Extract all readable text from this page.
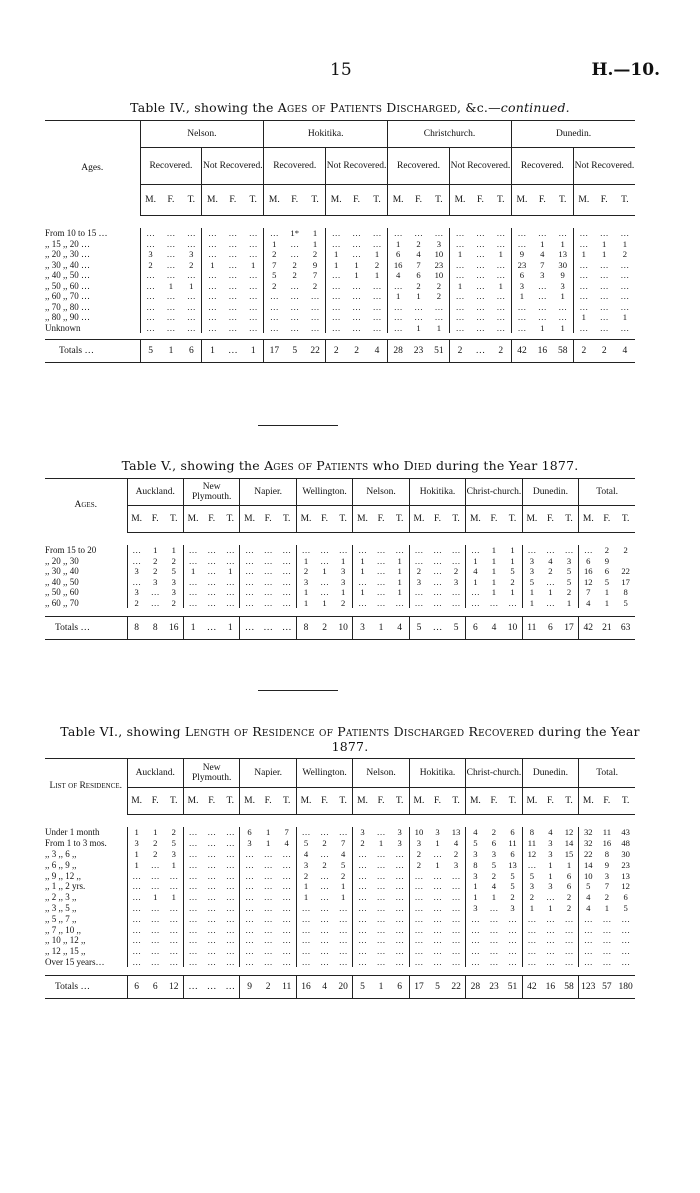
15	H.—10.
Table IV., showing the Ages of Patients Discharged, &c.—continued.
Ages.	Nelson.						Hokitika.						Christchurch.						Dunedin.					
	Recovered.			Not Recovered.			Recovered.			Not Recovered.			Recovered.			Not Recovered.			Recovered.			Not Recovered.		
	M.	F.	T.	M.	F.	T.	M.	F.	T.	M.	F.	T.	M.	F.	T.	M.	F.	T.	M.	F.	T.	M.	F.	T.

From 10 to 15 …	…	…	…	…	…	…	…	1*	1	…	…	…	…	…	…	…	…	…	…	…	…	…	…	…
,, 15 ,, 20 …	…	…	…	…	…	…	1	…	1	…	…	…	1	2	3	…	…	…	…	1	1	…	1	1
,, 20 ,, 30 …	3	…	3	…	…	…	2	…	2	1	…	1	6	4	10	1	…	1	9	4	13	1	1	2
,, 30 ,, 40 …	2	…	2	1	…	1	7	2	9	1	1	2	16	7	23	…	…	…	23	7	30	…	…	…
,, 40 ,, 50 …	…	…	…	…	…	…	5	2	7	…	1	1	4	6	10	…	…	…	6	3	9	…	…	…
,, 50 ,, 60 …	…	1	1	…	…	…	2	…	2	…	…	…	…	2	2	1	…	1	3	…	3	…	…	…
,, 60 ,, 70 …	…	…	…	…	…	…	…	…	…	…	…	…	1	1	2	…	…	…	1	…	1	…	…	…
,, 70 ,, 80 …	…	…	…	…	…	…	…	…	…	…	…	…	…	…	…	…	…	…	…	…	…	…	…	…
,, 80 ,, 90 …	…	…	…	…	…	…	…	…	…	…	…	…	…	…	…	…	…	…	…	…	…	1	…	1
Unknown	…	…	…	…	…	…	…	…	…	…	…	…	…	1	1	…	…	…	…	1	1	…	…	…

Totals …	5	1	6	1	…	1	17	5	22	2	2	4	28	23	51	2	…	2	42	16	58	2	2	4
Table V., showing the Ages of Patients who Died during the Year 1877.
Ages.	Auckland.			New Plymouth.			Napier.			Wellington.			Nelson.			Hokitika.			Christ-church.			Dunedin.			Total.		
	M.	F.	T.	M.	F.	T.	M.	F.	T.	M.	F.	T.	M.	F.	T.	M.	F.	T.	M.	F.	T.	M.	F.	T.	M.	F.	T.

From 15 to 20	…	1	1	…	…	…	…	…	…	…	…	…	…	…	…	…	…	…	…	1	1	…	…	…	…	2	2
,, 20 ,, 30	…	2	2	…	…	…	…	…	…	1	…	1	1	…	1	…	…	…	1	1	1	3	4	3	6	9	
,, 30 ,, 40	3	2	5	1	…	1	…	…	…	2	1	3	1	…	1	2	…	2	4	1	5	3	2	5	16	6	22
,, 40 ,, 50	…	3	3	…	…	…	…	…	…	3	…	3	…	…	1	3	…	3	1	1	2	5	…	5	12	5	17
,, 50 ,, 60	3	…	3	…	…	…	…	…	…	1	…	1	1	…	1	…	…	…	…	1	1	1	1	2	7	1	8
,, 60 ,, 70	2	…	2	…	…	…	…	…	…	1	1	2	…	…	…	…	…	…	…	…	…	1	…	1	4	1	5

Totals …	8	8	16	1	…	1	…	…	…	8	2	10	3	1	4	5	…	5	6	4	10	11	6	17	42	21	63
Table VI., showing Length of Residence of Patients Discharged Recovered during the Year
1877.
List of Residence.	Auckland.			New Plymouth.			Napier.			Wellington.			Nelson.			Hokitika.			Christ-church.			Dunedin.			Total.		
	M.	F.	T.	M.	F.	T.	M.	F.	T.	M.	F.	T.	M.	F.	T.	M.	F.	T.	M.	F.	T.	M.	F.	T.	M.	F.	T.

Under 1 month	1	1	2	…	…	…	6	1	7	…	…	…	3	…	3	10	3	13	4	2	6	8	4	12	32	11	43
From 1 to 3 mos.	3	2	5	…	…	…	3	1	4	5	2	7	2	1	3	3	1	4	5	6	11	11	3	14	32	16	48
,, 3 ,, 6 ,,	1	2	3	…	…	…	…	…	…	4	…	4	…	…	…	2	…	2	3	3	6	12	3	15	22	8	30
,, 6 ,, 9 ,,	1	…	1	…	…	…	…	…	…	3	2	5	…	…	…	2	1	3	8	5	13	…	1	1	14	9	23
,, 9 ,, 12 ,,	…	…	…	…	…	…	…	…	…	2	…	2	…	…	…	…	…	…	3	2	5	5	1	6	10	3	13
,, 1 ,, 2 yrs.	…	…	…	…	…	…	…	…	…	1	…	1	…	…	…	…	…	…	1	4	5	3	3	6	5	7	12
,, 2 ,, 3 ,,	…	1	1	…	…	…	…	…	…	1	…	1	…	…	…	…	…	…	1	1	2	2	…	2	4	2	6
,, 3 ,, 5 ,,	…	…	…	…	…	…	…	…	…	…	…	…	…	…	…	…	…	…	3	…	3	1	1	2	4	1	5
,, 5 ,, 7 ,,	…	…	…	…	…	…	…	…	…	…	…	…	…	…	…	…	…	…	…	…	…	…	…	…	…	…	…
,, 7 ,, 10 ,,	…	…	…	…	…	…	…	…	…	…	…	…	…	…	…	…	…	…	…	…	…	…	…	…	…	…	…
,, 10 ,, 12 ,,	…	…	…	…	…	…	…	…	…	…	…	…	…	…	…	…	…	…	…	…	…	…	…	…	…	…	…
,, 12 ,, 15 ,,	…	…	…	…	…	…	…	…	…	…	…	…	…	…	…	…	…	…	…	…	…	…	…	…	…	…	…
Over 15 years…	…	…	…	…	…	…	…	…	…	…	…	…	…	…	…	…	…	…	…	…	…	…	…	…	…	…	…

Totals …	6	6	12	…	…	…	9	2	11	16	4	20	5	1	6	17	5	22	28	23	51	42	16	58	123	57	180
